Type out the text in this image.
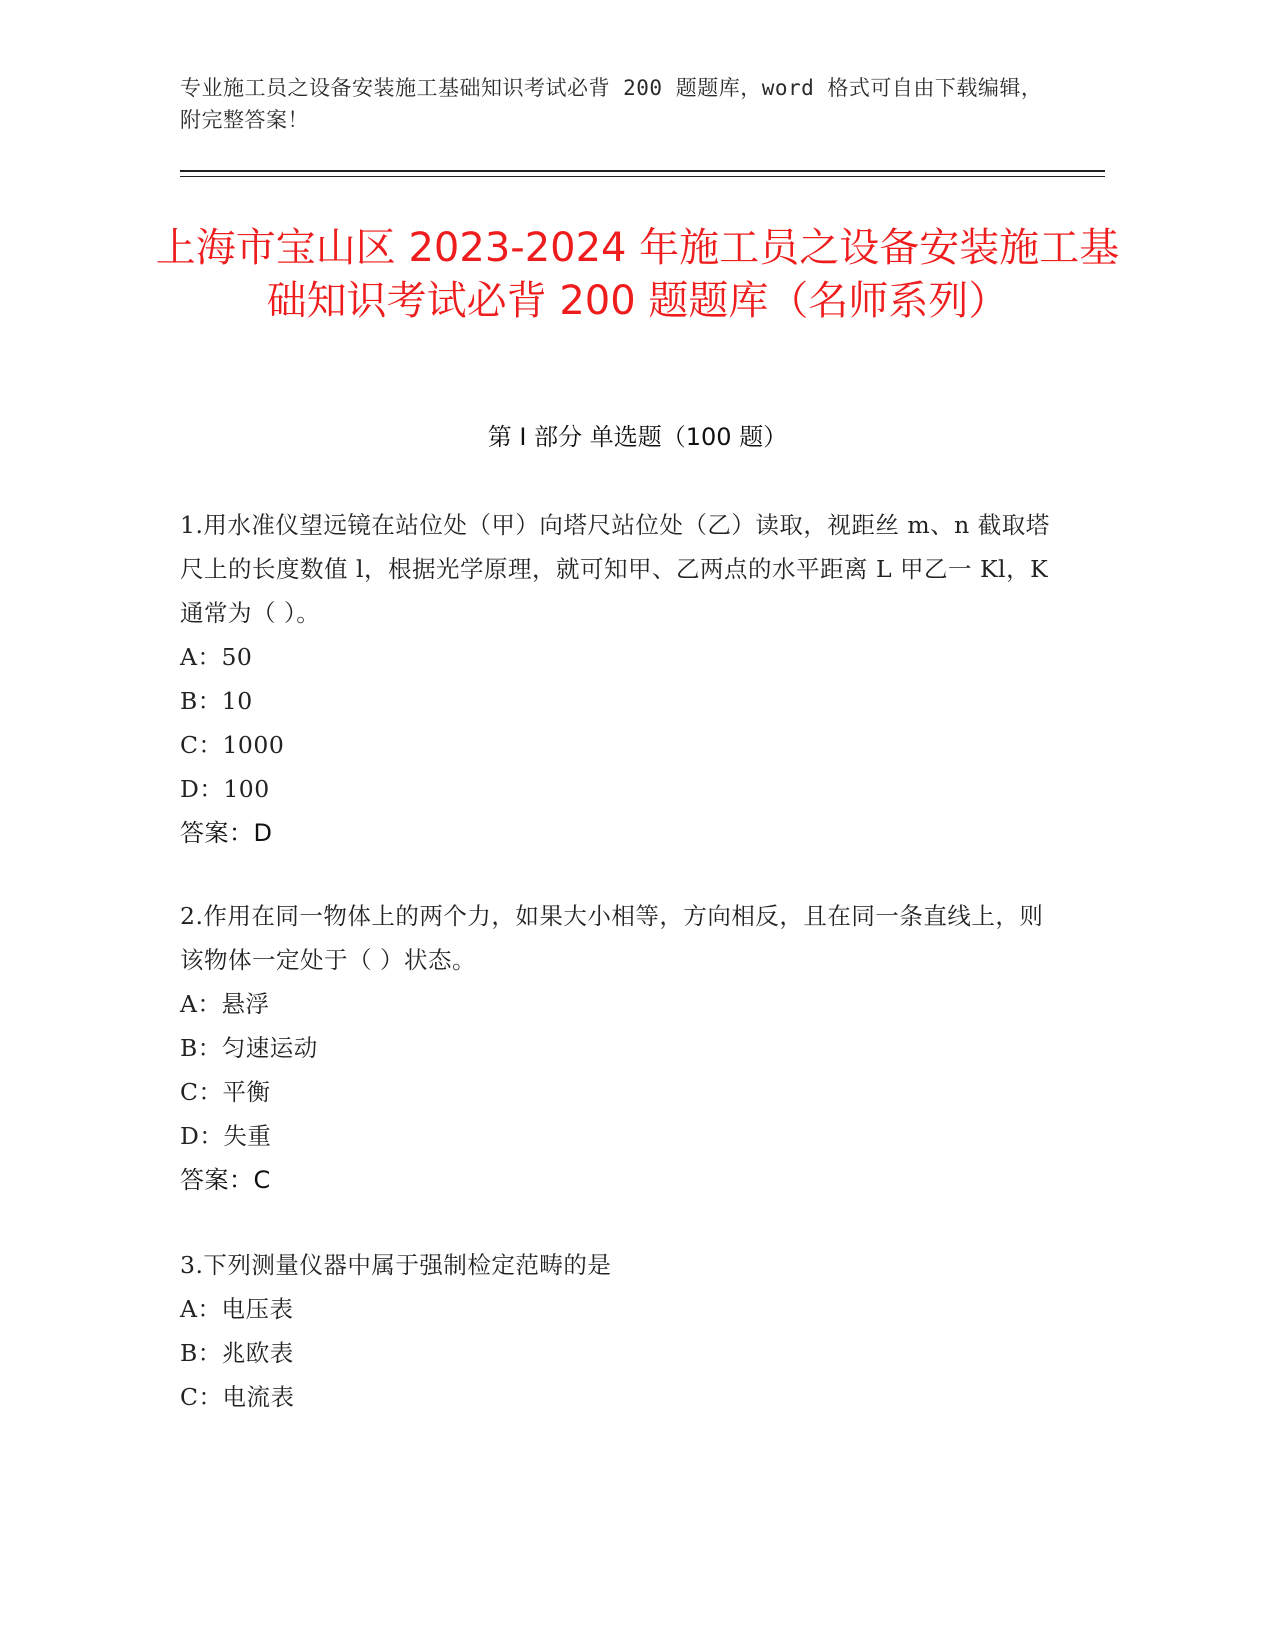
专业施工员之设备安装施工基础知识考试必背 200 题题库，word 格式可自由下载编辑，附完整答案！
上海市宝山区 2023-2024 年施工员之设备安装施工基础知识考试必背 200 题题库（名师系列）
第 I 部分 单选题（100 题）

1.用水准仪望远镜在站位处（甲）向塔尺站位处（乙）读取，视距丝 m、n 截取塔尺上的长度数值 l，根据光学原理，就可知甲、乙两点的水平距离 L 甲乙一 Kl，K 通常为（ ）。

A：50

B：10

C：1000

D：100

答案：D

2.作用在同一物体上的两个力，如果大小相等，方向相反，且在同一条直线上，则该物体一定处于（ ）状态。

A：悬浮

B：匀速运动

C：平衡

D：失重

答案：C

3.下列测量仪器中属于强制检定范畴的是

A：电压表

B：兆欧表

C：电流表
